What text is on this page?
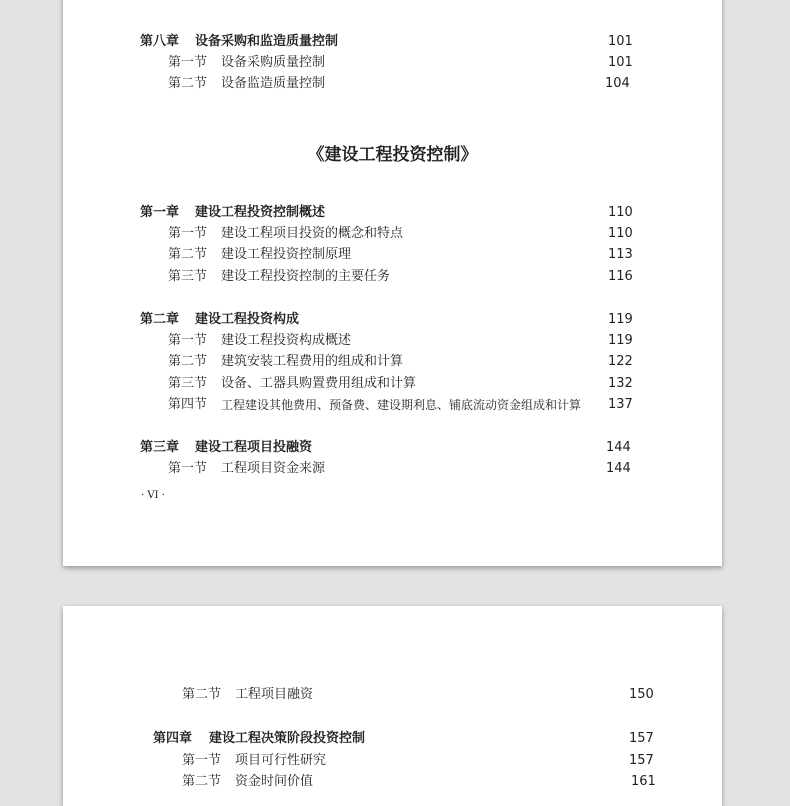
第八章 设备采购和监造质量控制	101
第一节 设备采购质量控制	101
第二节 设备监造质量控制	104
《建设工程投资控制》
第一章 建设工程投资控制概述	110
第一节 建设工程项目投资的概念和特点	110
第二节 建设工程投资控制原理	113
第三节 建设工程投资控制的主要任务	116
第二章 建设工程投资构成	119
第一节 建设工程投资构成概述	119
第二节 建筑安装工程费用的组成和计算	122
第三节 设备、工器具购置费用组成和计算	132
第四节 工程建设其他费用、预备费、建设期利息、铺底流动资金组成和计算 137
第三章 建设工程项目投融资	144
第一节 工程项目资金来源	144
· VI ·
第二节 工程项目融资	150
第四章 建设工程决策阶段投资控制	157
第一节 项目可行性研究	157
第二节 资金时间价值	161
